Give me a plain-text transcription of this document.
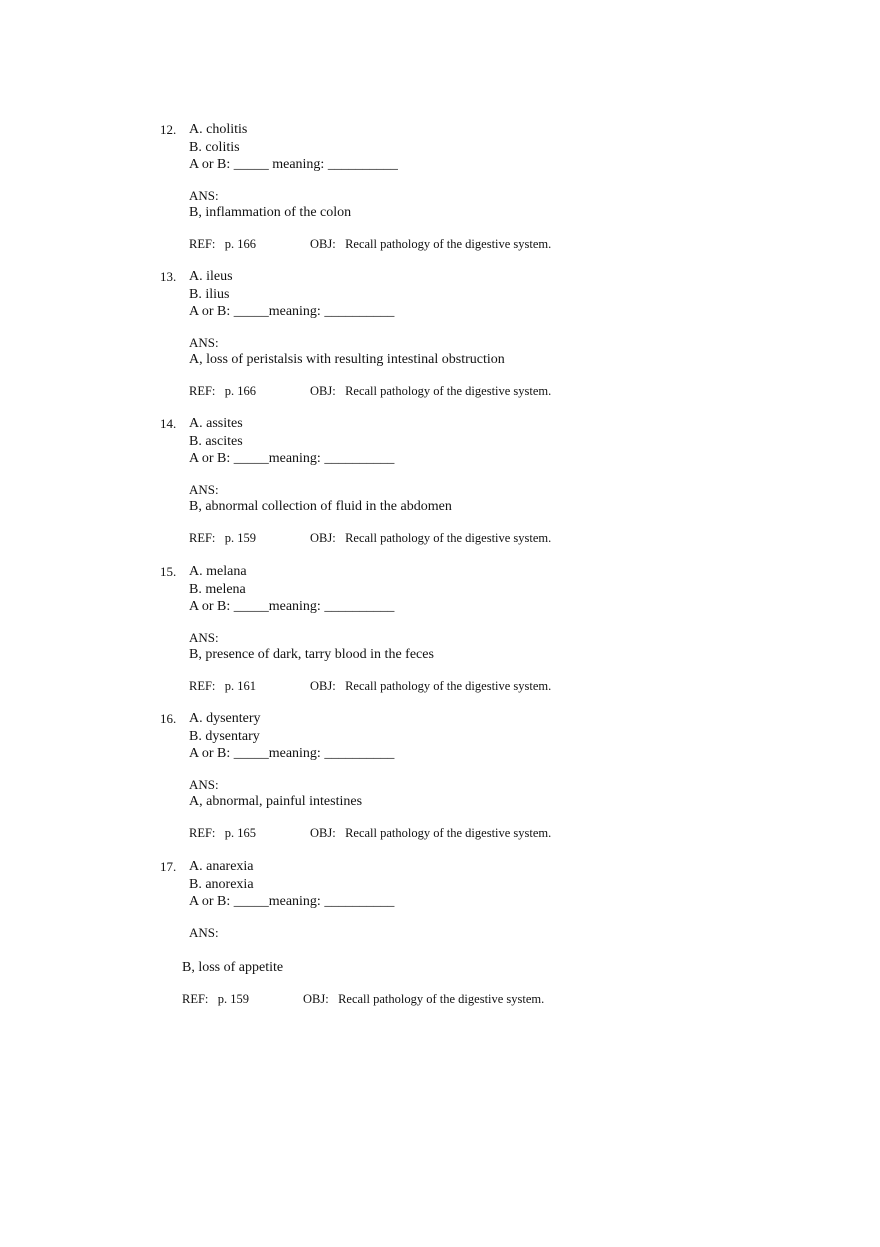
12. A. cholitis
B. colitis
A or B: _____ meaning: __________
ANS:
B, inflammation of the colon

REF:   p. 166

	OBJ:   Recall pathology of the digestive system.

13. A. ileus
B. ilius
A or B: _____meaning: __________
ANS:
A, loss of peristalsis with resulting intestinal obstruction

REF:   p. 166

	OBJ:   Recall pathology of the digestive system.

14. A. assites
B. ascites
A or B: _____meaning: __________
ANS:
B, abnormal collection of fluid in the abdomen

REF:   p. 159

	OBJ:   Recall pathology of the digestive system.

15. A. melana
B. melena
A or B: _____meaning: __________
ANS:
B, presence of dark, tarry blood in the feces

REF:   p. 161

	OBJ:   Recall pathology of the digestive system.

16. A. dysentery
B. dysentary
A or B: _____meaning: __________
ANS:
A, abnormal, painful intestines

REF:   p. 165

	OBJ:   Recall pathology of the digestive system.

17. A. anarexia
B. anorexia
A or B: _____meaning: __________
ANS:
B, loss of appetite

REF:   p. 159

	OBJ:   Recall pathology of the digestive system.
